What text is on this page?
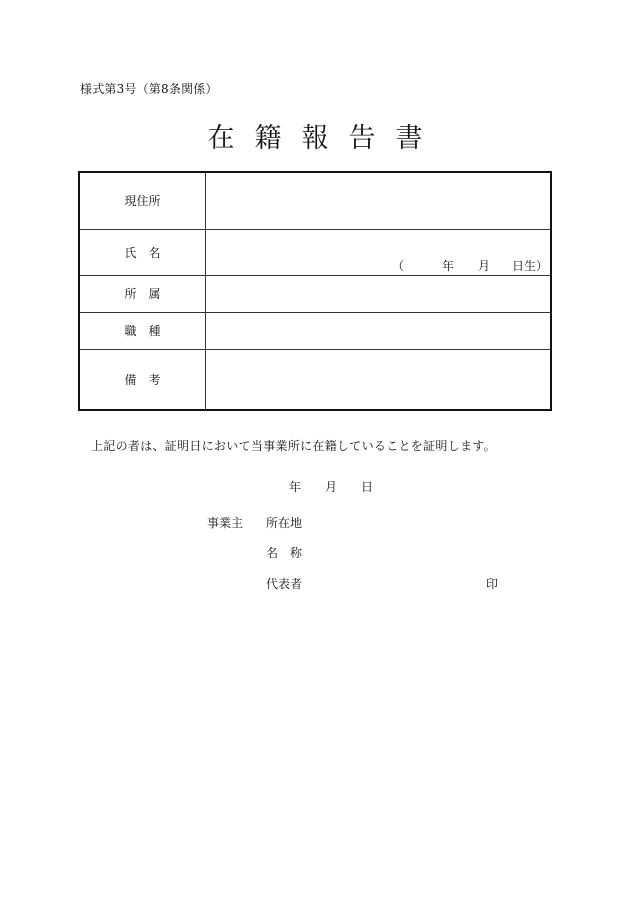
様式第3号（第8条関係）
在籍報告書
現住所	
氏　名	（ 年 月 日生）

所　属	
職　種	
備　考	
上記の者は、証明日において当事業所に在籍していることを証明します。
年 月 日
事業主 所在地
名　称
代表者	印
